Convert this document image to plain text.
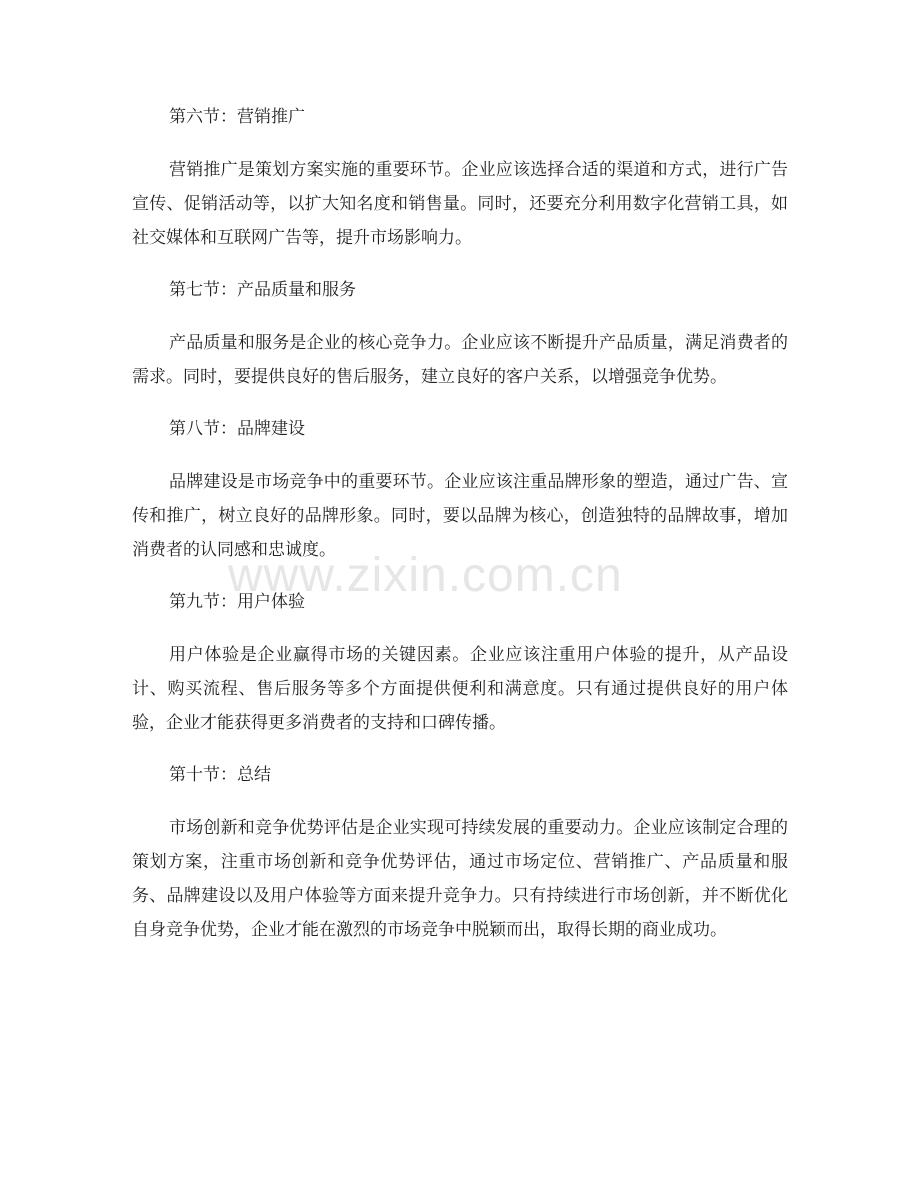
www.zixin.com.cn

第六节：营销推广

营销推广是策划方案实施的重要环节。企业应该选择合适的渠道和方式，进行广告宣传、促销活动等，以扩大知名度和销售量。同时，还要充分利用数字化营销工具，如社交媒体和互联网广告等，提升市场影响力。

第七节：产品质量和服务

产品质量和服务是企业的核心竞争力。企业应该不断提升产品质量，满足消费者的需求。同时，要提供良好的售后服务，建立良好的客户关系，以增强竞争优势。

第八节：品牌建设

品牌建设是市场竞争中的重要环节。企业应该注重品牌形象的塑造，通过广告、宣传和推广，树立良好的品牌形象。同时，要以品牌为核心，创造独特的品牌故事，增加消费者的认同感和忠诚度。

第九节：用户体验

用户体验是企业赢得市场的关键因素。企业应该注重用户体验的提升，从产品设计、购买流程、售后服务等多个方面提供便利和满意度。只有通过提供良好的用户体验，企业才能获得更多消费者的支持和口碑传播。

第十节：总结

市场创新和竞争优势评估是企业实现可持续发展的重要动力。企业应该制定合理的策划方案，注重市场创新和竞争优势评估，通过市场定位、营销推广、产品质量和服务、品牌建设以及用户体验等方面来提升竞争力。只有持续进行市场创新，并不断优化自身竞争优势，企业才能在激烈的市场竞争中脱颖而出，取得长期的商业成功。
